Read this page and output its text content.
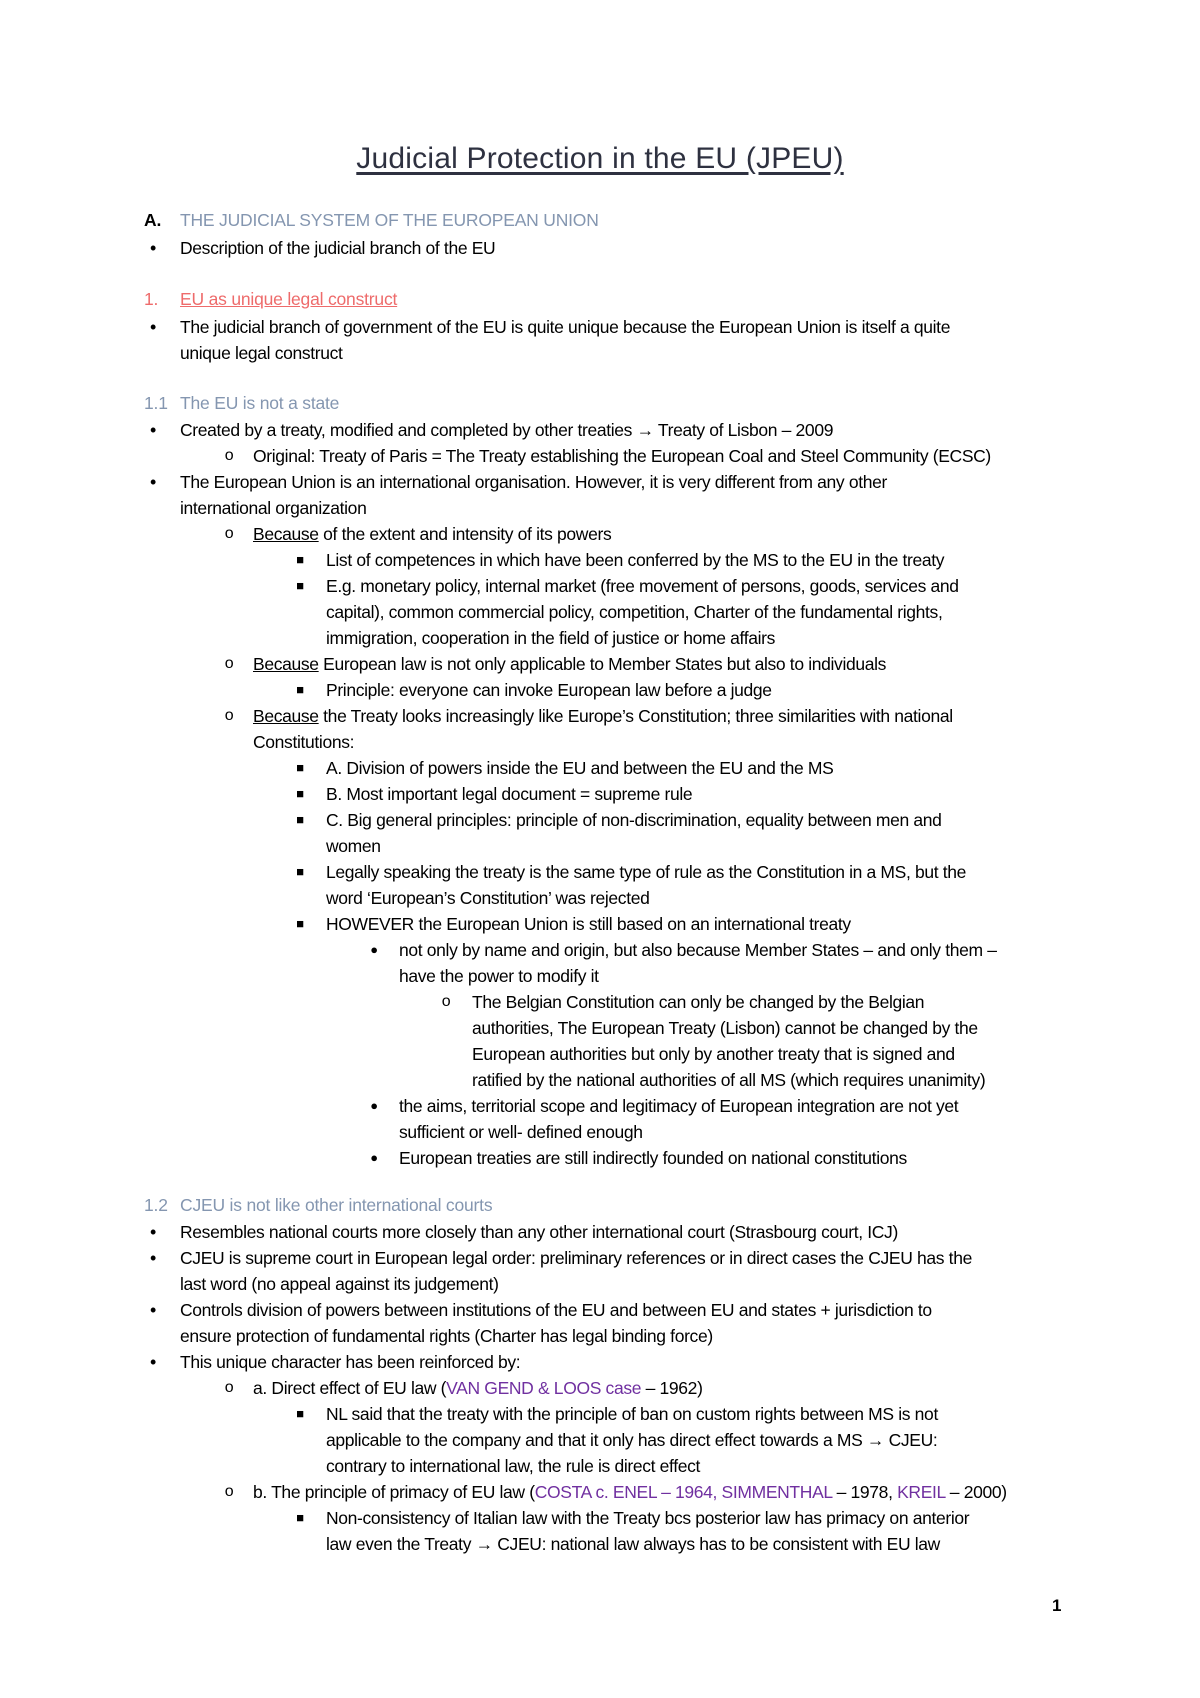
Judicial Protection in the EU (JPEU)
A. THE JUDICIAL SYSTEM OF THE EUROPEAN UNION
•	Description of the judicial branch of the EU
1. EU as unique legal construct
•	The judicial branch of government of the EU is quite unique because the European Union is itself a quite
unique legal construct
1.1 The EU is not a state
•	Created by a treaty, modified and completed by other treaties → Treaty of Lisbon – 2009
o Original: Treaty of Paris = The Treaty establishing the European Coal and Steel Community (ECSC)
•	The European Union is an international organisation. However, it is very different from any other
international organization
o Because of the extent and intensity of its powers
■ List of competences in which have been conferred by the MS to the EU in the treaty
■ E.g. monetary policy, internal market (free movement of persons, goods, services and
capital), common commercial policy, competition, Charter of the fundamental rights,
immigration, cooperation in the field of justice or home affairs
o Because European law is not only applicable to Member States but also to individuals
■ Principle: everyone can invoke European law before a judge
o Because the Treaty looks increasingly like Europe’s Constitution; three similarities with national
Constitutions:
■ A. Division of powers inside the EU and between the EU and the MS
■ B. Most important legal document = supreme rule
■ C. Big general principles: principle of non-discrimination, equality between men and
women
■ Legally speaking the treaty is the same type of rule as the Constitution in a MS, but the
word ‘European’s Constitution’ was rejected
■ HOWEVER the European Union is still based on an international treaty
● not only by name and origin, but also because Member States – and only them –
have the power to modify it
o The Belgian Constitution can only be changed by the Belgian
authorities, The European Treaty (Lisbon) cannot be changed by the
European authorities but only by another treaty that is signed and
ratified by the national authorities of all MS (which requires unanimity)
● the aims, territorial scope and legitimacy of European integration are not yet
sufficient or well- defined enough
● European treaties are still indirectly founded on national constitutions
1.2 CJEU is not like other international courts
•	Resembles national courts more closely than any other international court (Strasbourg court, ICJ)
•	CJEU is supreme court in European legal order: preliminary references or in direct cases the CJEU has the
last word (no appeal against its judgement)
•	Controls division of powers between institutions of the EU and between EU and states + jurisdiction to
ensure protection of fundamental rights (Charter has legal binding force)
•	This unique character has been reinforced by:
o a. Direct effect of EU law (VAN GEND & LOOS case – 1962)
■ NL said that the treaty with the principle of ban on custom rights between MS is not
applicable to the company and that it only has direct effect towards a MS → CJEU:
contrary to international law, the rule is direct effect
o b. The principle of primacy of EU law (COSTA c. ENEL – 1964, SIMMENTHAL – 1978, KREIL – 2000)
■ Non-consistency of Italian law with the Treaty bcs posterior law has primacy on anterior
law even the Treaty → CJEU: national law always has to be consistent with EU law
1
